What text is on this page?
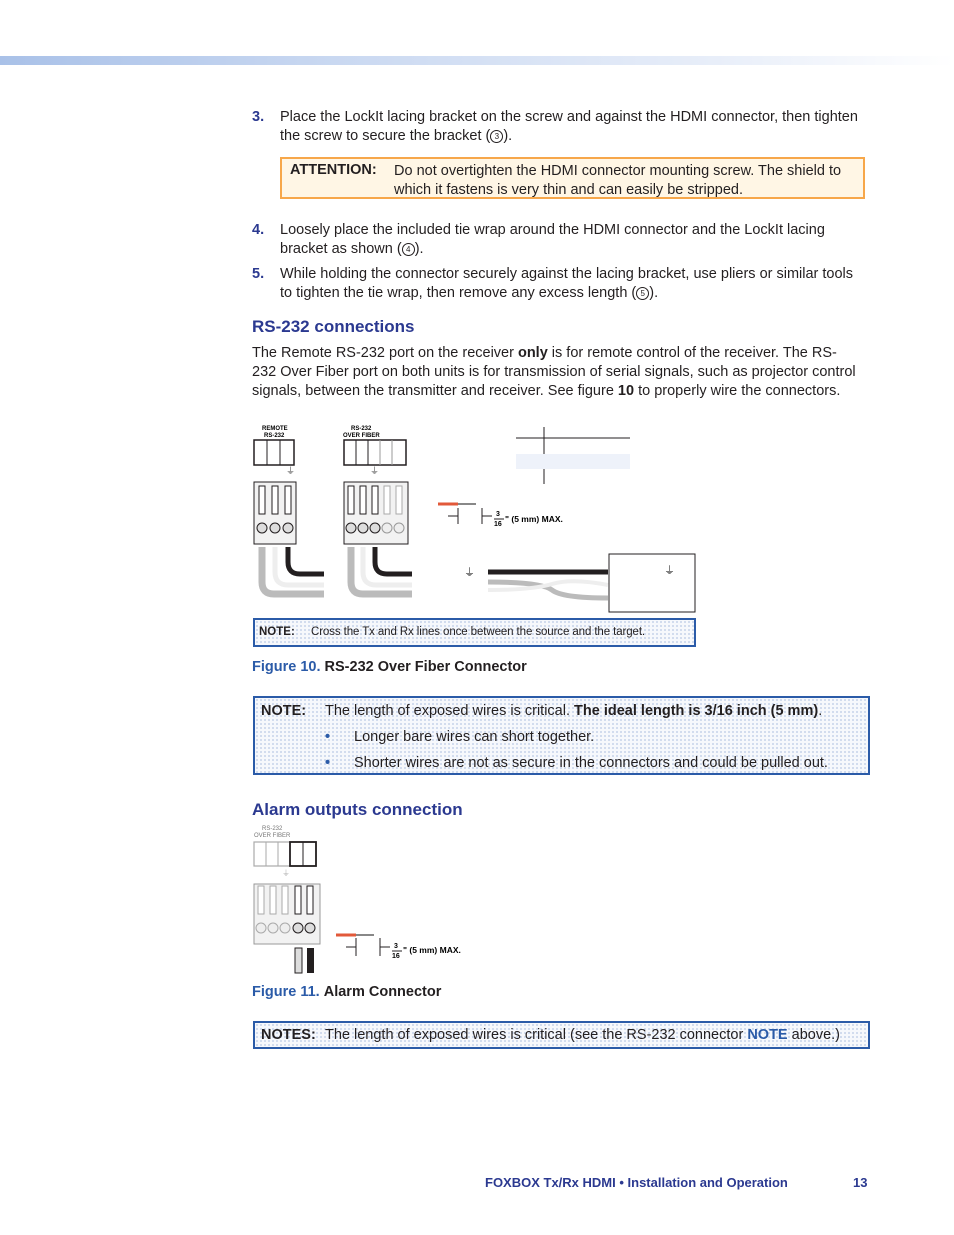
3. Place the LockIt lacing bracket on the screw and against the HDMI connector, then tighten the screw to secure the bracket ( 3 ).
ATTENTION: Do not overtighten the HDMI connector mounting screw. The shield to which it fastens is very thin and can easily be stripped.
4. Loosely place the included tie wrap around the HDMI connector and the LockIt lacing bracket as shown ( 4 ).
5. While holding the connector securely against the lacing bracket, use pliers or similar tools to tighten the tie wrap, then remove any excess length ( 5 ).
RS-232 connections
The Remote RS-232 port on the receiver only is for remote control of the receiver. The RS-232 Over Fiber port on both units is for transmission of serial signals, such as projector control signals, between the transmitter and receiver. See figure 10 to properly wire the connectors.
REMOTE
RS-232
⏚
RS-232
OVER FIBER
⏚
3
16
" (5 mm) MAX.
⏚	⏚
NOTE: Cross the Tx and Rx lines once between the source and the target.
Figure 10. RS-232 Over Fiber Connector
NOTE: The length of exposed wires is critical. The ideal length is 3/16 inch (5 mm).
• Longer bare wires can short together.
• Shorter wires are not as secure in the connectors and could be pulled out.
Alarm outputs connection
RS-232
OVER FIBER
⏚
3
16
" (5 mm) MAX.
Figure 11. Alarm Connector
NOTES: The length of exposed wires is critical (see the RS-232 connector NOTE above.)
FOXBOX Tx/Rx HDMI • Installation and Operation	13
